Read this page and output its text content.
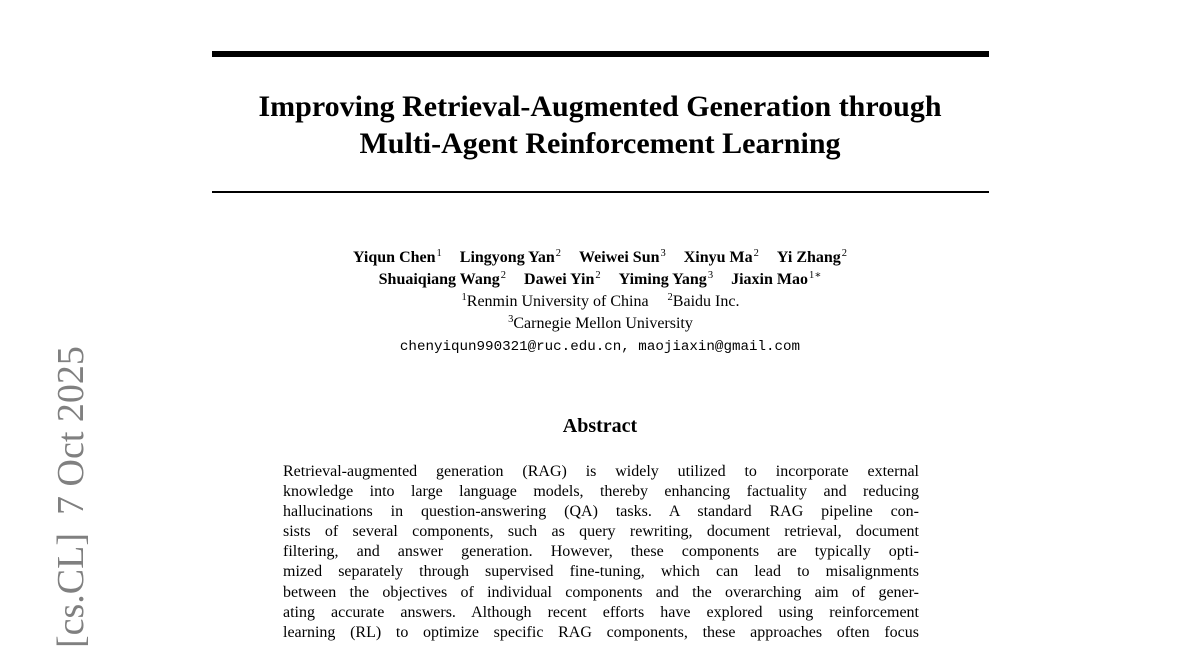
Improving Retrieval-Augmented Generation through
Multi-Agent Reinforcement Learning
Yiqun Chen$^1$ Lingyong Yan$^2$ Weiwei Sun$^3$ Xinyu Ma$^2$ Yi Zhang$^2$
Shuaiqiang Wang$^2$ Dawei Yin$^2$ Yiming Yang$^3$ Jiaxin Mao$^{1∗}$
$^1$Renmin University of China $^2$Baidu Inc.
$^3$Carnegie Mellon University
chenyiqun990321@ruc.edu.cn, maojiaxin@gmail.com
Abstract
Retrieval-augmented generation (RAG) is widely utilized to incorporate external
knowledge into large language models, thereby enhancing factuality and reducing
hallucinations in question-answering (QA) tasks. A standard RAG pipeline con-
sists of several components, such as query rewriting, document retrieval, document
filtering, and answer generation. However, these components are typically opti-
mized separately through supervised fine-tuning, which can lead to misalignments
between the objectives of individual components and the overarching aim of gener-
ating accurate answers. Although recent efforts have explored using reinforcement
learning (RL) to optimize specific RAG components, these approaches often focus
[cs.CL]7 Oct 2025
